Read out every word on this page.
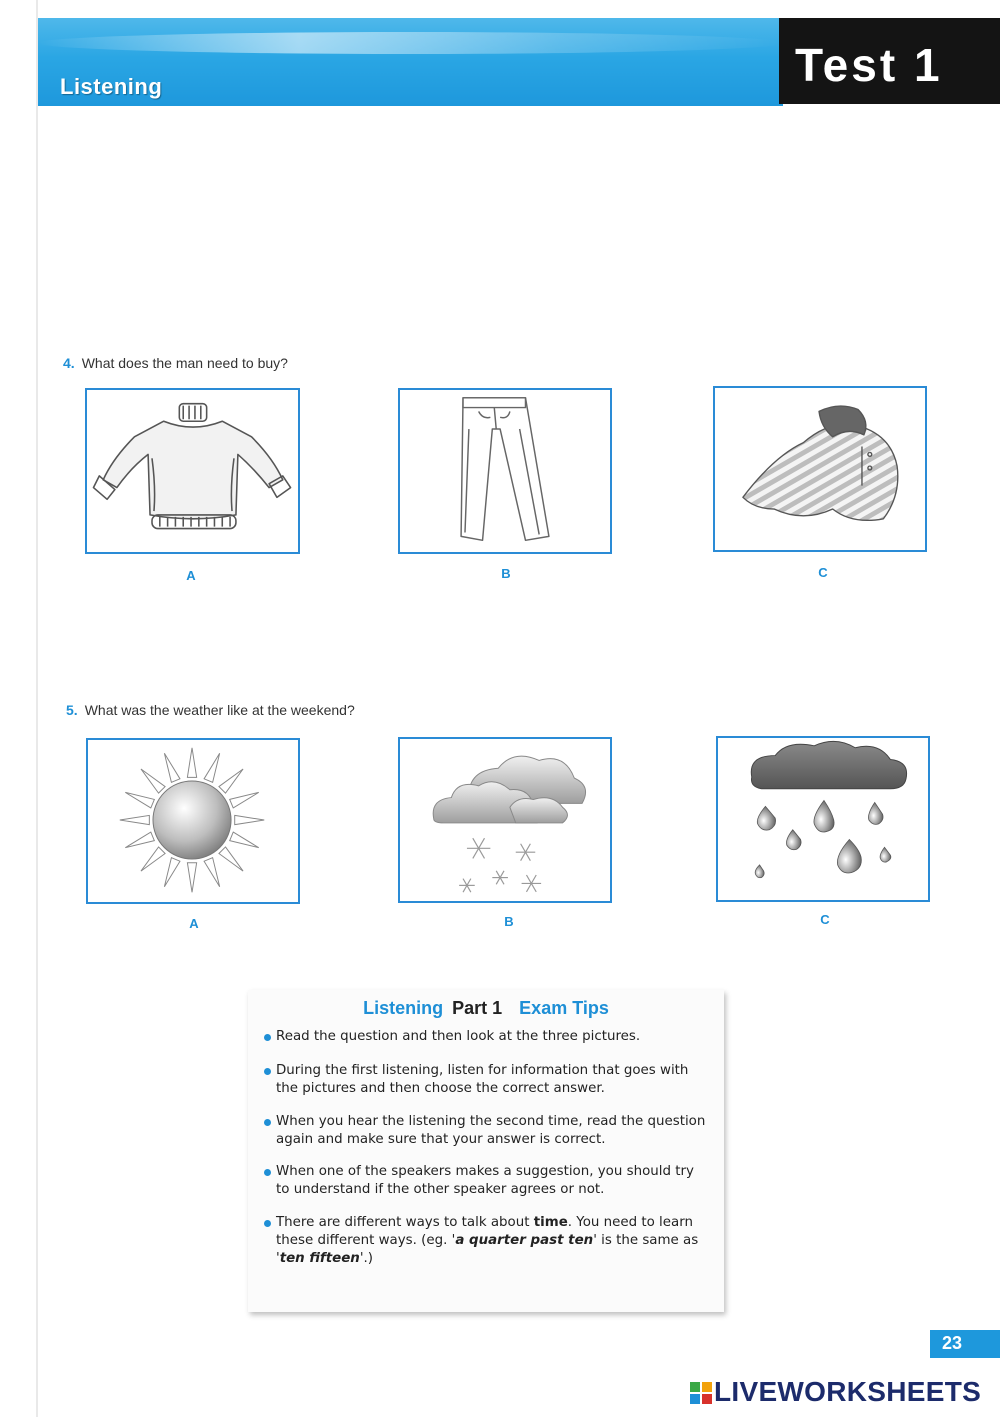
Listening	Test 1
4. What does the man need to buy?
A	B	C
5. What was the weather like at the weekend?
A	B	C
Listening Part 1 Exam Tips
Read the question and then look at the three pictures.
During the first listening, listen for information that goes with the pictures and then choose the correct answer.
When you hear the listening the second time, read the question again and make sure that your answer is correct.
When one of the speakers makes a suggestion, you should try to understand if the other speaker agrees or not.
There are different ways to talk about time. You need to learn these different ways. (eg. 'a quarter past ten' is the same as 'ten fifteen'.)
23
LIVEWORKSHEETS
